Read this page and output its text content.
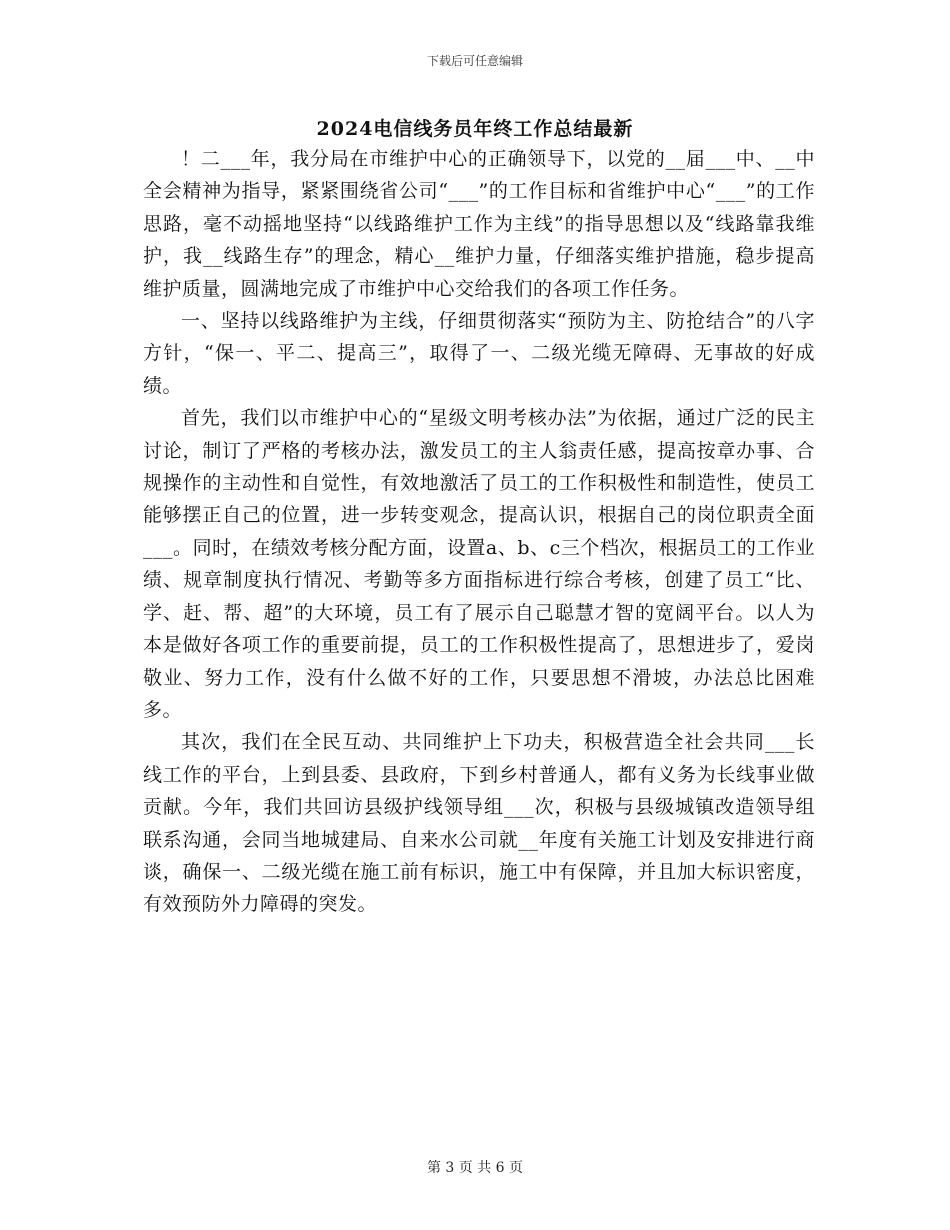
下载后可任意编辑
2024电信线务员年终工作总结最新

！二___年，我分局在市维护中心的正确领导下，以党的__届___中、__中全会精神为指导，紧紧围绕省公司“___”的工作目标和省维护中心“___”的工作思路，毫不动摇地坚持“以线路维护工作为主线”的指导思想以及“线路靠我维护，我__线路生存”的理念，精心__维护力量，仔细落实维护措施，稳步提高维护质量，圆满地完成了市维护中心交给我们的各项工作任务。

一、坚持以线路维护为主线，仔细贯彻落实“预防为主、防抢结合”的八字方针，“保一、平二、提高三”，取得了一、二级光缆无障碍、无事故的好成绩。

首先，我们以市维护中心的“星级文明考核办法”为依据，通过广泛的民主讨论，制订了严格的考核办法，激发员工的主人翁责任感，提高按章办事、合规操作的主动性和自觉性，有效地激活了员工的工作积极性和制造性，使员工能够摆正自己的位置，进一步转变观念，提高认识，根据自己的岗位职责全面___。同时，在绩效考核分配方面，设置a、b、c三个档次，根据员工的工作业绩、规章制度执行情况、考勤等多方面指标进行综合考核，创建了员工“比、学、赶、帮、超”的大环境，员工有了展示自己聪慧才智的宽阔平台。以人为本是做好各项工作的重要前提，员工的工作积极性提高了，思想进步了，爱岗敬业、努力工作，没有什么做不好的工作，只要思想不滑坡，办法总比困难多。

其次，我们在全民互动、共同维护上下功夫，积极营造全社会共同___长线工作的平台，上到县委、县政府，下到乡村普通人，都有义务为长线事业做贡献。今年，我们共回访县级护线领导组___次，积极与县级城镇改造领导组联系沟通，会同当地城建局、自来水公司就__年度有关施工计划及安排进行商谈，确保一、二级光缆在施工前有标识，施工中有保障，并且加大标识密度，有效预防外力障碍的突发。

第 3 页 共 6 页
